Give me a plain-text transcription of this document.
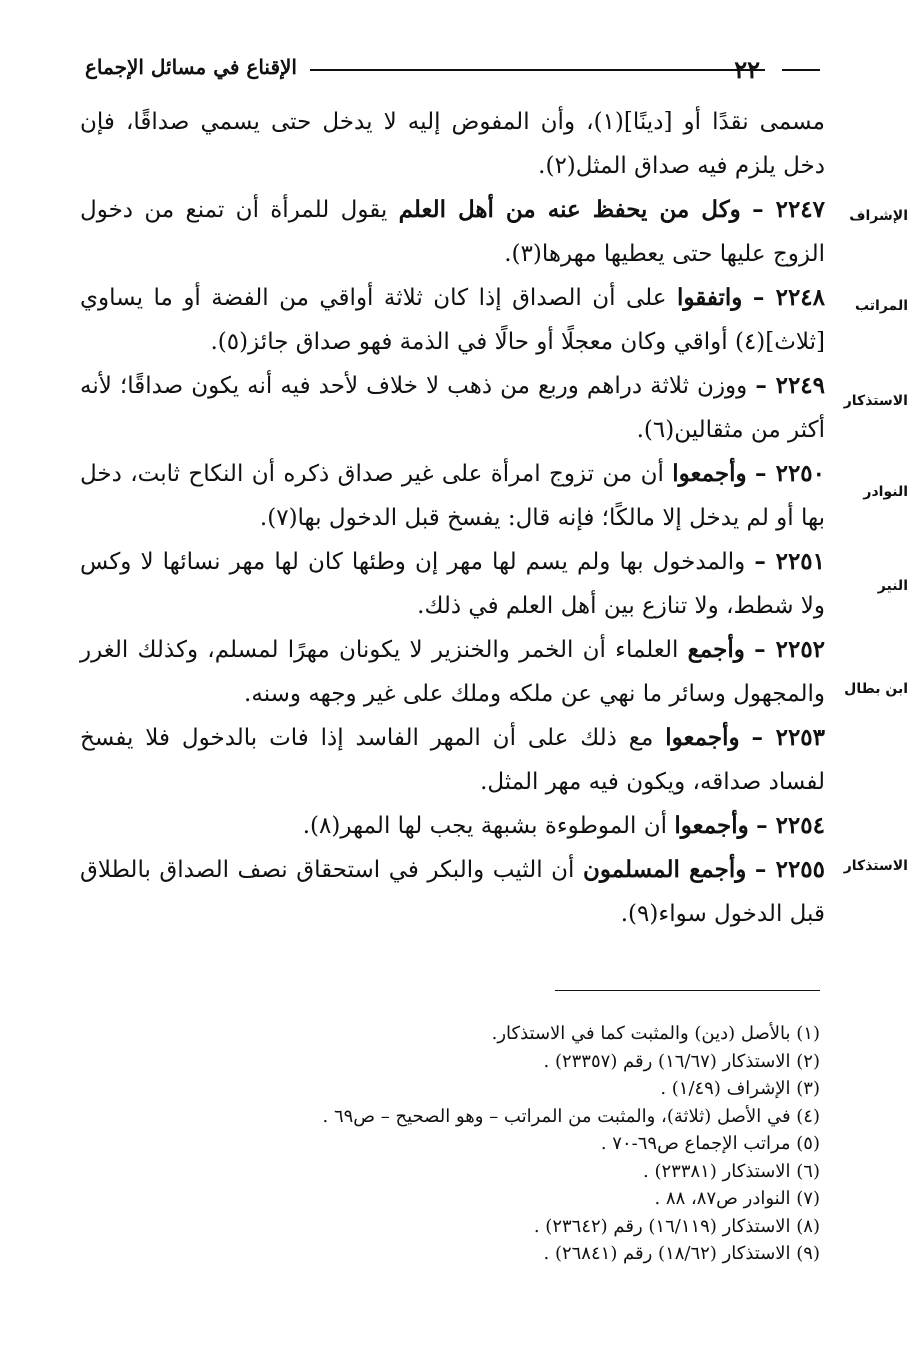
الإقناع في مسائل الإجماع	٢٢

مسمى نقدًا أو [دينًا](١)، وأن المفوض إليه لا يدخل حتى يسمي صداقًا، فإن دخل يلزم فيه صداق المثل(٢).

٢٢٤٧ – وكل من يحفظ عنه من أهل العلم يقول للمرأة أن تمنع من دخول الزوج عليها حتى يعطيها مهرها(٣).

٢٢٤٨ – واتفقوا على أن الصداق إذا كان ثلاثة أواقي من الفضة أو ما يساوي [ثلاث](٤) أواقي وكان معجلًا أو حالًا في الذمة فهو صداق جائز(٥).

٢٢٤٩ – ووزن ثلاثة دراهم وربع من ذهب لا خلاف لأحد فيه أنه يكون صداقًا؛ لأنه أكثر من مثقالين(٦).

٢٢٥٠ – وأجمعوا أن من تزوج امرأة على غير صداق ذكره أن النكاح ثابت، دخل بها أو لم يدخل إلا مالكًا؛ فإنه قال: يفسخ قبل الدخول بها(٧).

٢٢٥١ – والمدخول بها ولم يسم لها مهر إن وطئها كان لها مهر نسائها لا وكس ولا شطط، ولا تنازع بين أهل العلم في ذلك.

٢٢٥٢ – وأجمع العلماء أن الخمر والخنزير لا يكونان مهرًا لمسلم، وكذلك الغرر والمجهول وسائر ما نهي عن ملكه وملك على غير وجهه وسنه.

٢٢٥٣ – وأجمعوا مع ذلك على أن المهر الفاسد إذا فات بالدخول فلا يفسخ لفساد صداقه، ويكون فيه مهر المثل.

٢٢٥٤ – وأجمعوا أن الموطوءة بشبهة يجب لها المهر(٨).

٢٢٥٥ – وأجمع المسلمون أن الثيب والبكر في استحقاق نصف الصداق بالطلاق قبل الدخول سواء(٩).

الإشراف
المراتب
الاستذكار
النوادر
النير
ابن بطال
الاستذكار
(١) بالأصل (دين) والمثبت كما في الاستذكار.
(٢) الاستذكار (١٦/٦٧) رقم (٢٣٣٥٧) .
(٣) الإشراف (١/٤٩) .
(٤) في الأصل (ثلاثة)، والمثبت من المراتب – وهو الصحيح – ص٦٩ .
(٥) مراتب الإجماع ص٦٩-٧٠ .
(٦) الاستذكار (٢٣٣٨١) .
(٧) النوادر ص٨٧، ٨٨ .
(٨) الاستذكار (١٦/١١٩) رقم (٢٣٦٤٢) .
(٩) الاستذكار (١٨/٦٢) رقم (٢٦٨٤١) .
